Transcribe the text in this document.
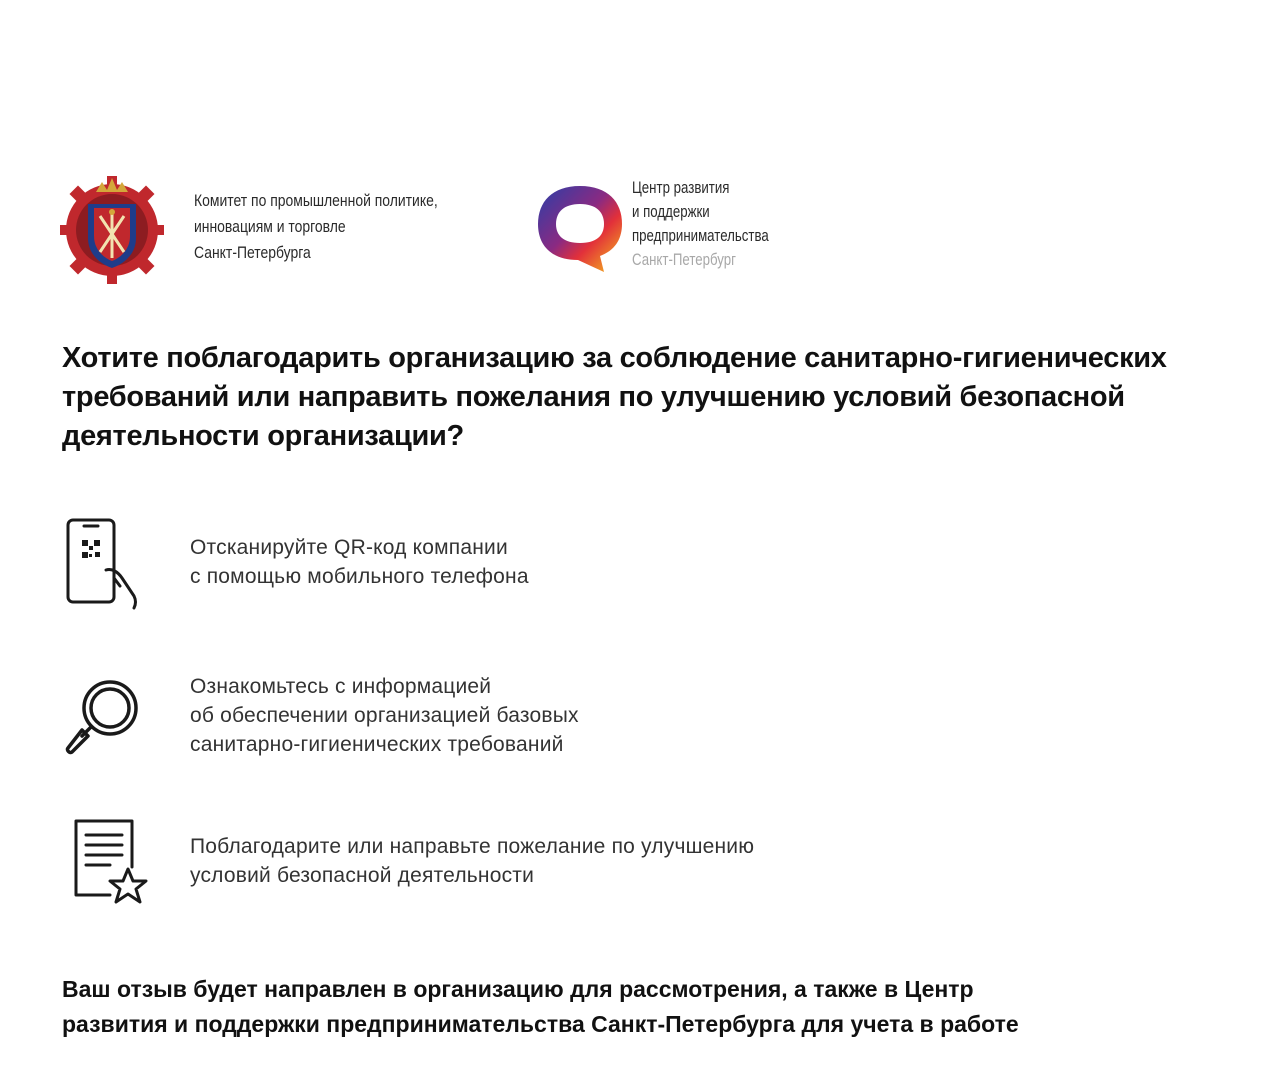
Комитет по промышленной политике,
инновациям и торговле
Санкт-Петербурга
Центр развития
и поддержки
предпринимательства
Санкт-Петербург
Хотите поблагодарить организацию за соблюдение санитарно-гигиенических
требований или направить пожелания по улучшению условий безопасной
деятельности организации?
Отсканируйте QR-код компании
с помощью мобильного телефона
Ознакомьтесь с информацией
об обеспечении организацией базовых
санитарно-гигиенических требований
Поблагодарите или направьте пожелание по улучшению
условий безопасной деятельности
Ваш отзыв будет направлен в организацию для рассмотрения, а также в Центр
развития и поддержки предпринимательства Санкт-Петербурга для учета в работе
